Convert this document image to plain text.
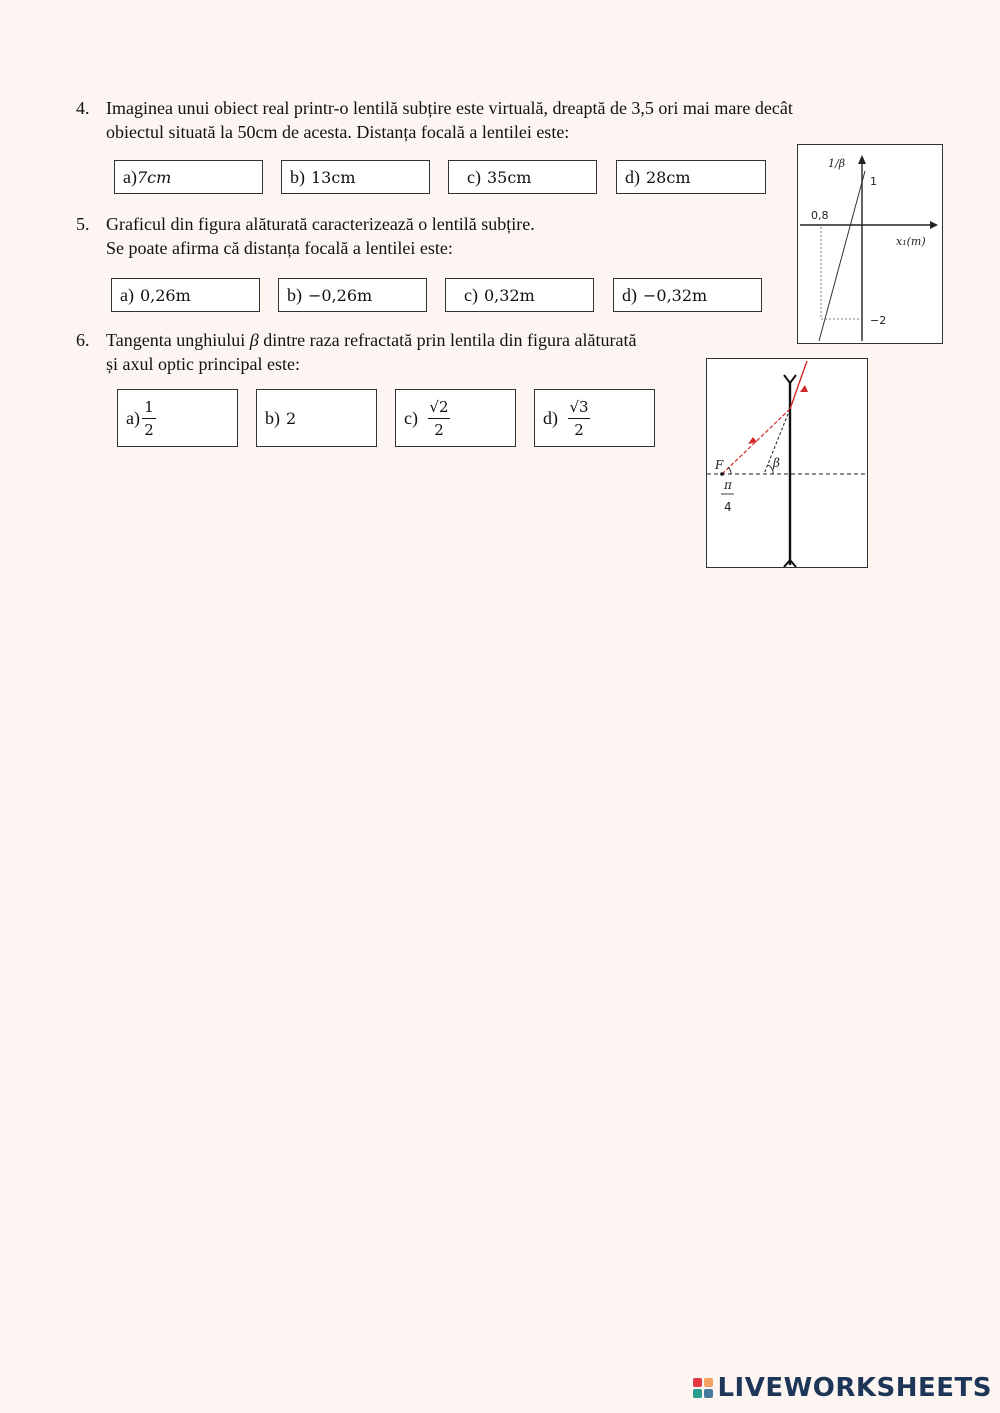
4. Imaginea unui obiect real printr-o lentilă subțire este virtuală, dreaptă de 3,5 ori mai mare decât
obiectul situată la 50cm de acesta. Distanța focală a lentilei este:
a) 7cm	b) 13cm	c) 35cm	d) 28cm
5. Graficul din figura alăturată caracterizează o lentilă subțire.
Se poate afirma că distanța focală a lentilei este:
a) 0,26m	b) −0,26m	c) 0,32m	d) −0,32m
6. Tangenta unghiului β dintre raza refractată prin lentila din figura alăturată
și axul optic principal este:
$a) \frac{1}{2}$	b) 2	$c) \frac{√2}{2}$	$d) \frac{√3}{2}$
1/β
1
0,8
x₁(m)
−2
F	β
π
4
LIVEWORKSHEETS
